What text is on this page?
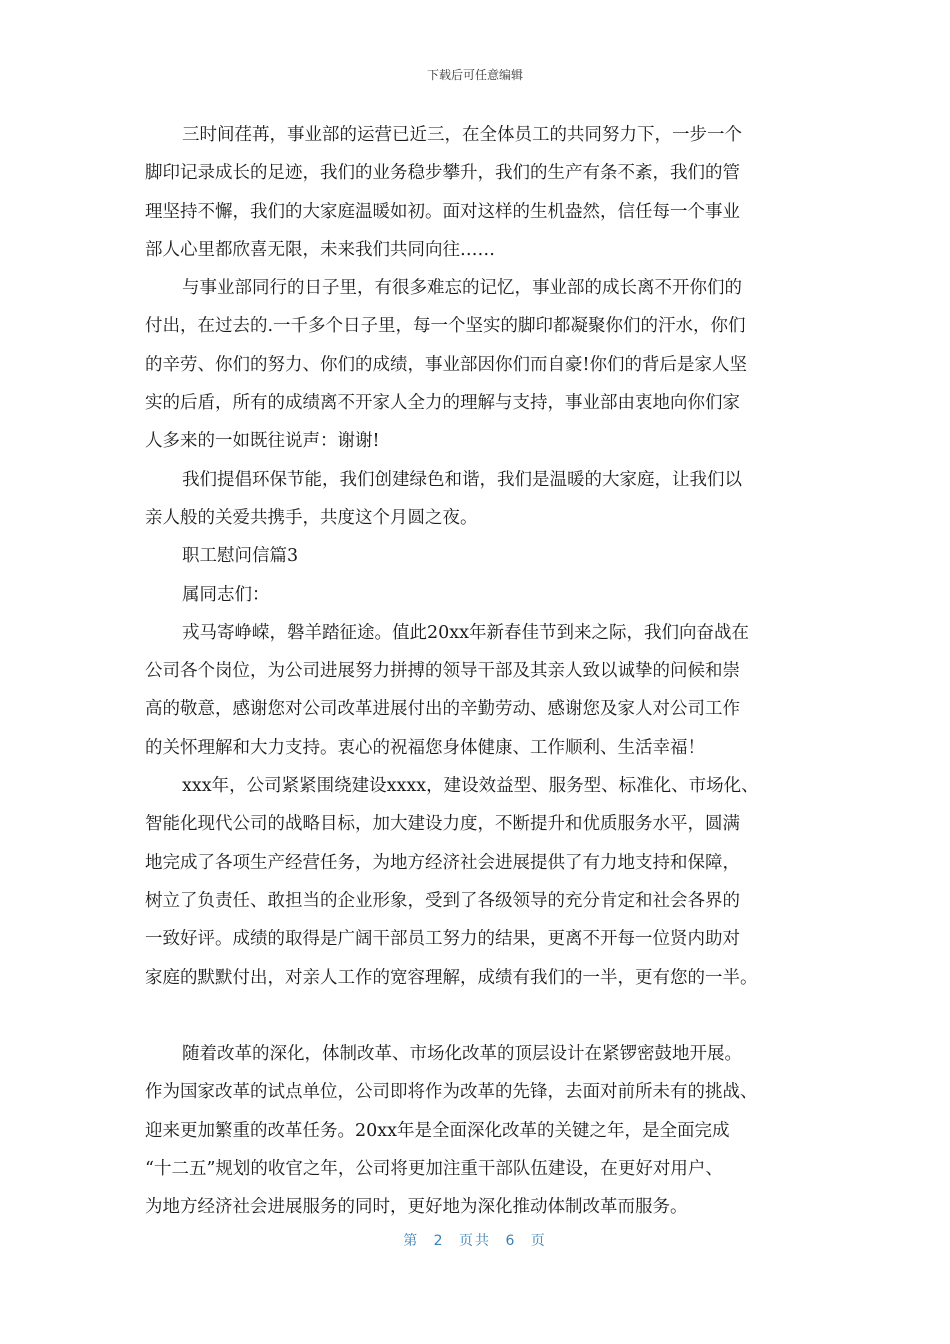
下载后可任意编辑
三时间荏苒，事业部的运营已近三，在全体员工的共同努力下，一步一个
脚印记录成长的足迹，我们的业务稳步攀升，我们的生产有条不紊，我们的管
理坚持不懈，我们的大家庭温暖如初。面对这样的生机盎然，信任每一个事业
部人心里都欣喜无限，未来我们共同向往……
与事业部同行的日子里，有很多难忘的记忆，事业部的成长离不开你们的
付出，在过去的.一千多个日子里，每一个坚实的脚印都凝聚你们的汗水，你们
的辛劳、你们的努力、你们的成绩，事业部因你们而自豪!你们的背后是家人坚
实的后盾，所有的成绩离不开家人全力的理解与支持，事业部由衷地向你们家
人多来的一如既往说声：谢谢!
我们提倡环保节能，我们创建绿色和谐，我们是温暖的大家庭，让我们以
亲人般的关爱共携手，共度这个月圆之夜。
职工慰问信篇3
属同志们：
戎马寄峥嵘，磐羊踏征途。值此20xx年新春佳节到来之际，我们向奋战在
公司各个岗位，为公司进展努力拼搏的领导干部及其亲人致以诚挚的问候和崇
高的敬意，感谢您对公司改革进展付出的辛勤劳动、感谢您及家人对公司工作
的关怀理解和大力支持。衷心的祝福您身体健康、工作顺利、生活幸福！
xxx年，公司紧紧围绕建设xxxx，建设效益型、服务型、标准化、市场化、
智能化现代公司的战略目标，加大建设力度，不断提升和优质服务水平，圆满
地完成了各项生产经营任务，为地方经济社会进展提供了有力地支持和保障，
树立了负责任、敢担当的企业形象，受到了各级领导的充分肯定和社会各界的
一致好评。成绩的取得是广阔干部员工努力的结果，更离不开每一位贤内助对
家庭的默默付出，对亲人工作的宽容理解，成绩有我们的一半，更有您的一半。
随着改革的深化，体制改革、市场化改革的顶层设计在紧锣密鼓地开展。
作为国家改革的试点单位，公司即将作为改革的先锋，去面对前所未有的挑战、
迎来更加繁重的改革任务。20xx年是全面深化改革的关键之年，是全面完成
“十二五”规划的收官之年，公司将更加注重干部队伍建设，在更好对用户、
为地方经济社会进展服务的同时，更好地为深化推动体制改革而服务。
第 2 页共 6 页
